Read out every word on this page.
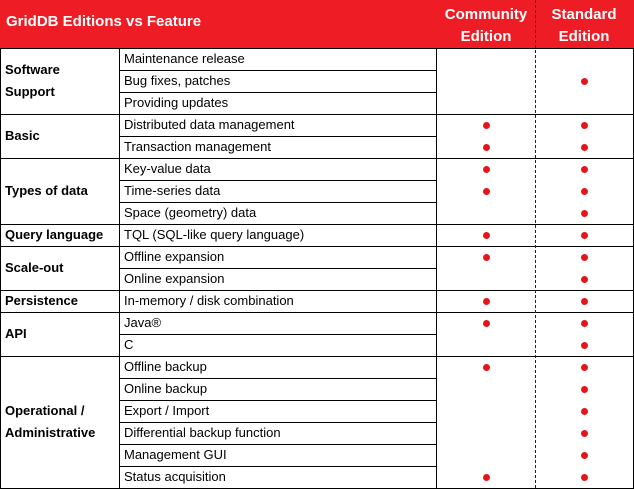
GridDB Editions vs Feature	Community
Edition
Standard
Edition
Software
Support
Maintenance release
Bug fixes, patches
Providing updates
Basic
Distributed data management
Transaction management
Types of data
Key-value data
Time-series data
Space (geometry) data
Query language TQL (SQL-like query language)
Scale-out
Offline expansion
Online expansion
Persistence	In-memory / disk combination
API
Java®
C
Operational /
Administrative
Offline backup
Online backup
Export / Import
Differential backup function
Management GUI
Status acquisition
